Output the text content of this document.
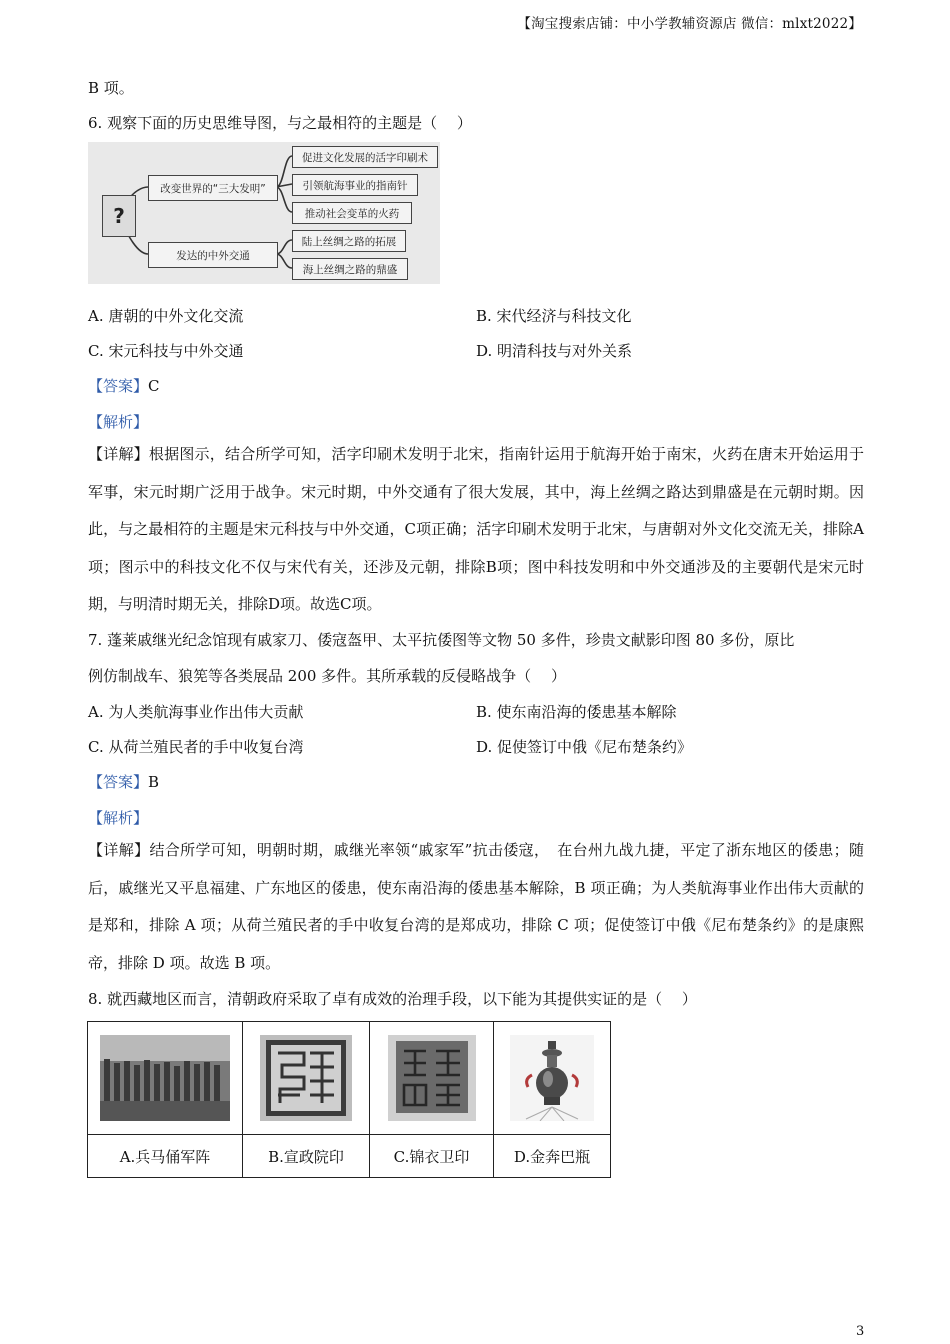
【淘宝搜索店铺：中小学教辅资源店 微信：mlxt2022】
B 项。
6. 观察下面的历史思维导图，与之最相符的主题是（　 ）
?
改变世界的“三大发明”
发达的中外交通
促进文化发展的活字印刷术
引领航海事业的指南针
推动社会变革的火药
陆上丝绸之路的拓展
海上丝绸之路的鼎盛
A. 唐朝的中外文化交流	B. 宋代经济与科技文化
C. 宋元科技与中外交通	D. 明清科技与对外关系
【答案】C
【解析】
【详解】根据图示，结合所学可知，活字印刷术发明于北宋，指南针运用于航海开始于南宋，火药在唐末开始运用于军事，宋元时期广泛用于战争。宋元时期，中外交通有了很大发展，其中，海上丝绸之路达到鼎盛是在元朝时期。因此，与之最相符的主题是宋元科技与中外交通，C项正确；活字印刷术发明于北宋，与唐朝对外文化交流无关，排除A项；图示中的科技文化不仅与宋代有关，还涉及元朝，排除B项；图中科技发明和中外交通涉及的主要朝代是宋元时期，与明清时期无关，排除D项。故选C项。
7. 蓬莱戚继光纪念馆现有戚家刀、倭寇盔甲、太平抗倭图等文物 50 多件，珍贵文献影印图 80 多份，原比
例仿制战车、狼筅等各类展品 200 多件。其所承载的反侵略战争（　 ）
A. 为人类航海事业作出伟大贡献	B. 使东南沿海的倭患基本解除
C. 从荷兰殖民者的手中收复台湾	D. 促使签订中俄《尼布楚条约》
【答案】B
【解析】
【详解】结合所学可知，明朝时期，戚继光率领“戚家军”抗击倭寇，　在台州九战九捷，平定了浙东地区的倭患；随后，戚继光又平息福建、广东地区的倭患，使东南沿海的倭患基本解除，B 项正确；为人类航海事业作出伟大贡献的是郑和，排除 A 项；从荷兰殖民者的手中收复台湾的是郑成功，排除 C 项；促使签订中俄《尼布楚条约》的是康熙帝，排除 D 项。故选 B 项。
8. 就西藏地区而言，清朝政府采取了卓有成效的治理手段，以下能为其提供实证的是（　 ）

A.兵马俑军阵	B.宣政院印	C.锦衣卫印	D.金奔巴瓶
3
